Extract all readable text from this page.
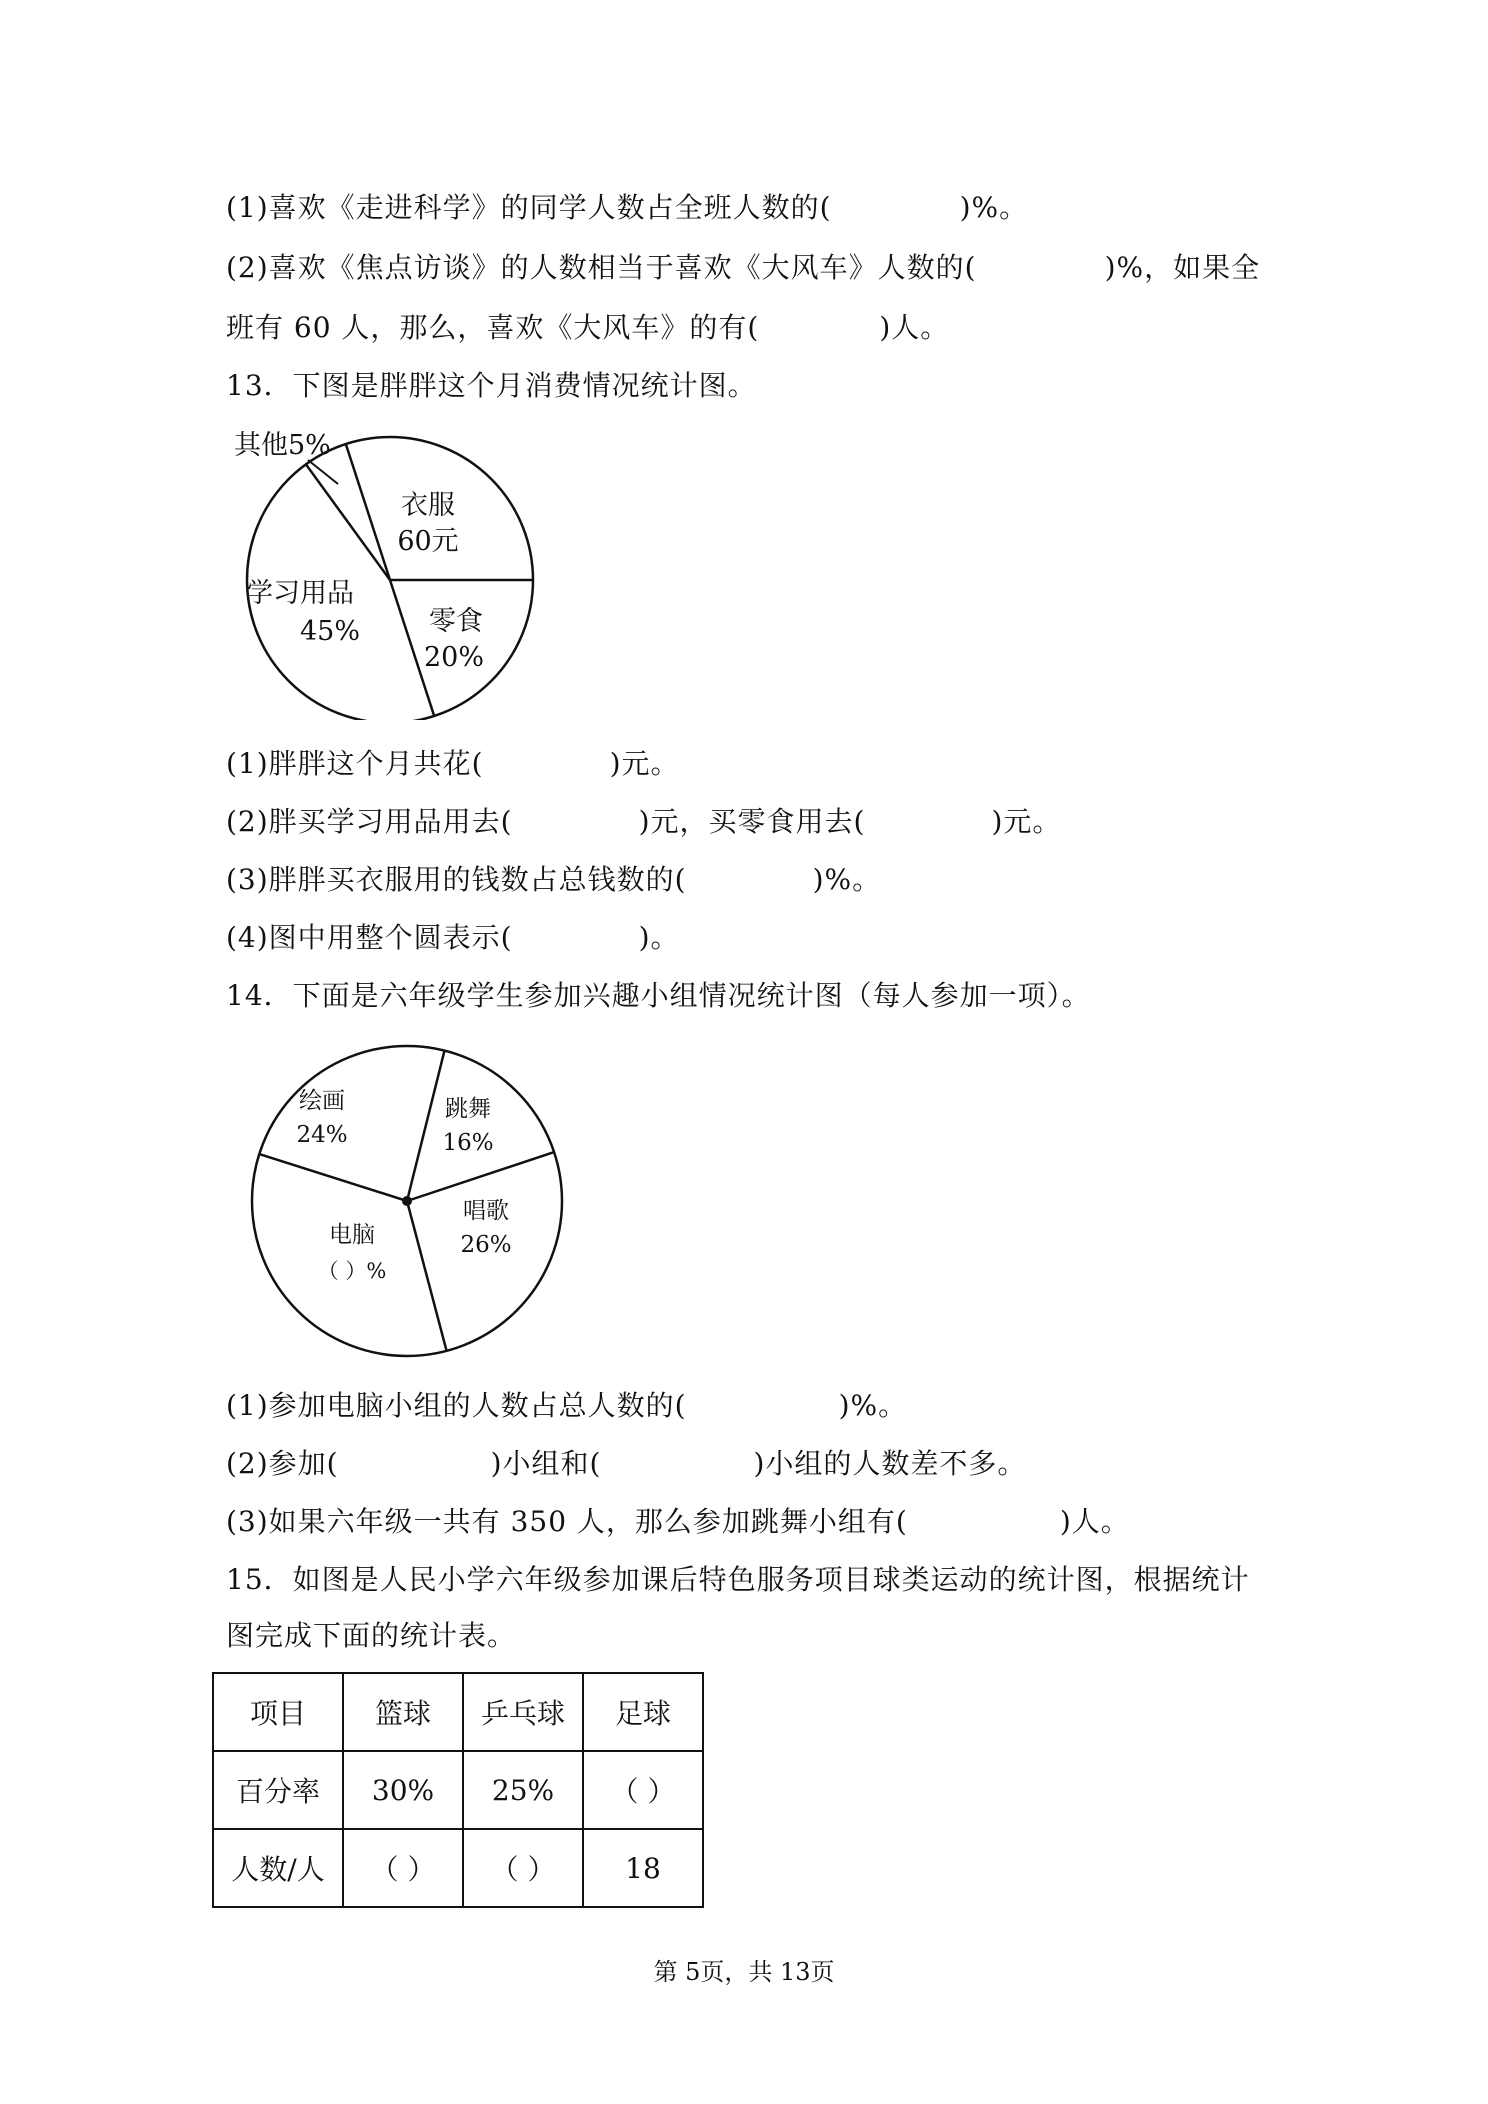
(1)喜欢《走进科学》的同学人数占全班人数的(	)%。
(2)喜欢《焦点访谈》的人数相当于喜欢《大风车》人数的(	)%，如果全
班有 60 人，那么，喜欢《大风车》的有(	)人。
13．下图是胖胖这个月消费情况统计图。
衣服
60元
零食
20%
学习用品
45%
其他5%
(1)胖胖这个月共花(	)元。
(2)胖买学习用品用去(	)元，买零食用去(	)元。
(3)胖胖买衣服用的钱数占总钱数的(	)%。
(4)图中用整个圆表示(	)。
14．下面是六年级学生参加兴趣小组情况统计图（每人参加一项）。
绘画
24%
跳舞
16%
唱歌
26%
电脑
（ ）%
(1)参加电脑小组的人数占总人数的(	)%。
(2)参加(	)小组和(	)小组的人数差不多。
(3)如果六年级一共有 350 人，那么参加跳舞小组有(	)人。
15．如图是人民小学六年级参加课后特色服务项目球类运动的统计图，根据统计
图完成下面的统计表。
项目	篮球	乒乓球	足球
百分率	30%	25%	（ ）
人数/人	（ ）	（ ）	18
第 5页，共 13页
